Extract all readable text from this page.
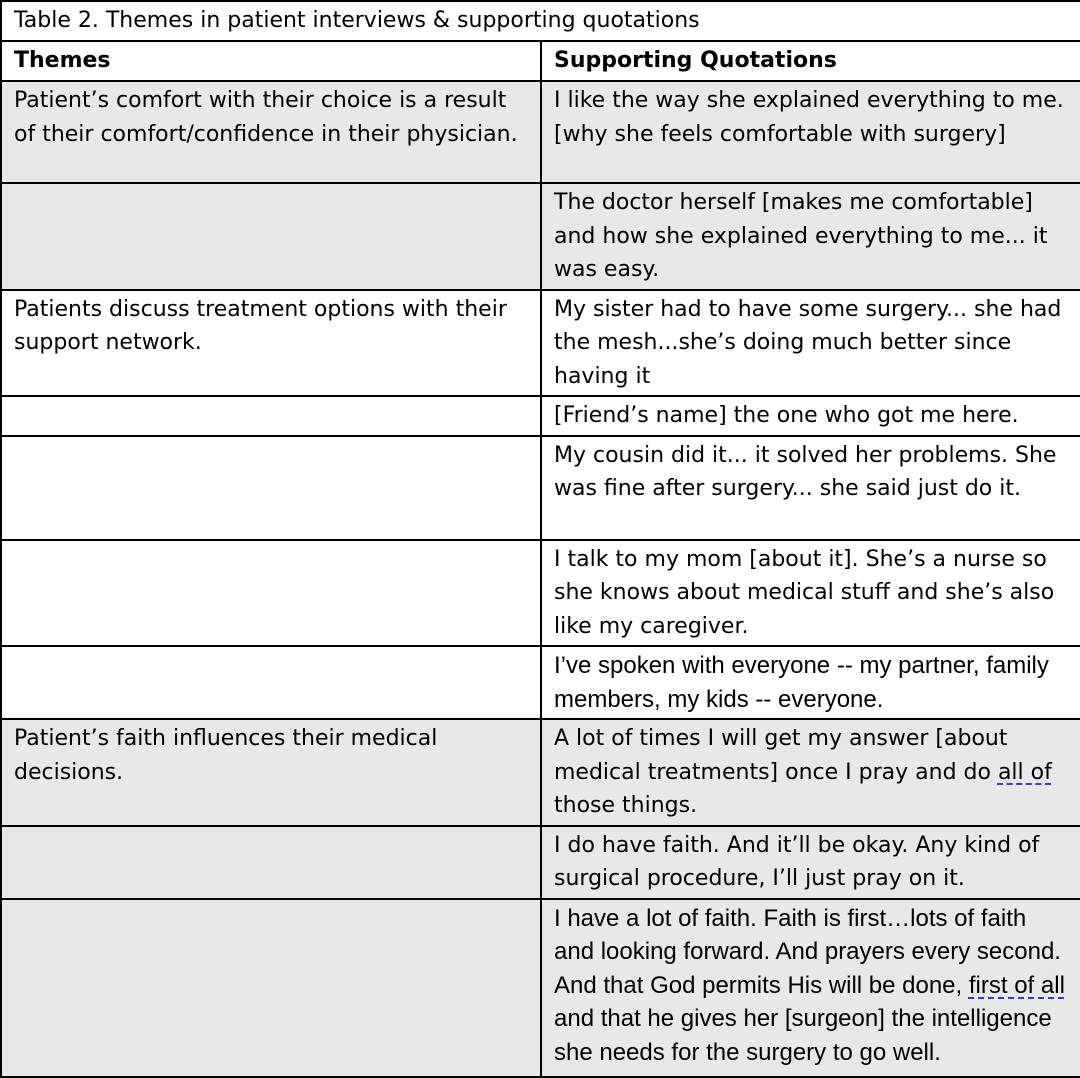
Table 2. Themes in patient interviews & supporting quotations	
Themes	Supporting Quotations
Patient’s comfort with their choice is a result of their comfort/confidence in their physician.	I like the way she explained everything to me. [why she feels comfortable with surgery]
	The doctor herself [makes me comfortable] and how she explained everything to me... it was easy.
Patients discuss treatment options with their support network.	My sister had to have some surgery... she had the mesh...she’s doing much better since having it
	[Friend’s name] the one who got me here.
	My cousin did it... it solved her problems. She was fine after surgery... she said just do it.
	I talk to my mom [about it]. She’s a nurse so she knows about medical stuff and she’s also like my caregiver.
	I’ve spoken with everyone -- my partner, family members, my kids -- everyone.
Patient’s faith influences their medical decisions.	A lot of times I will get my answer [about medical treatments] once I pray and do all of those things.
	I do have faith. And it’ll be okay. Any kind of surgical procedure, I’ll just pray on it.
	I have a lot of faith. Faith is first…lots of faith and looking forward. And prayers every second. And that God permits His will be done, first of all and that he gives her [surgeon] the intelligence she needs for the surgery to go well.
